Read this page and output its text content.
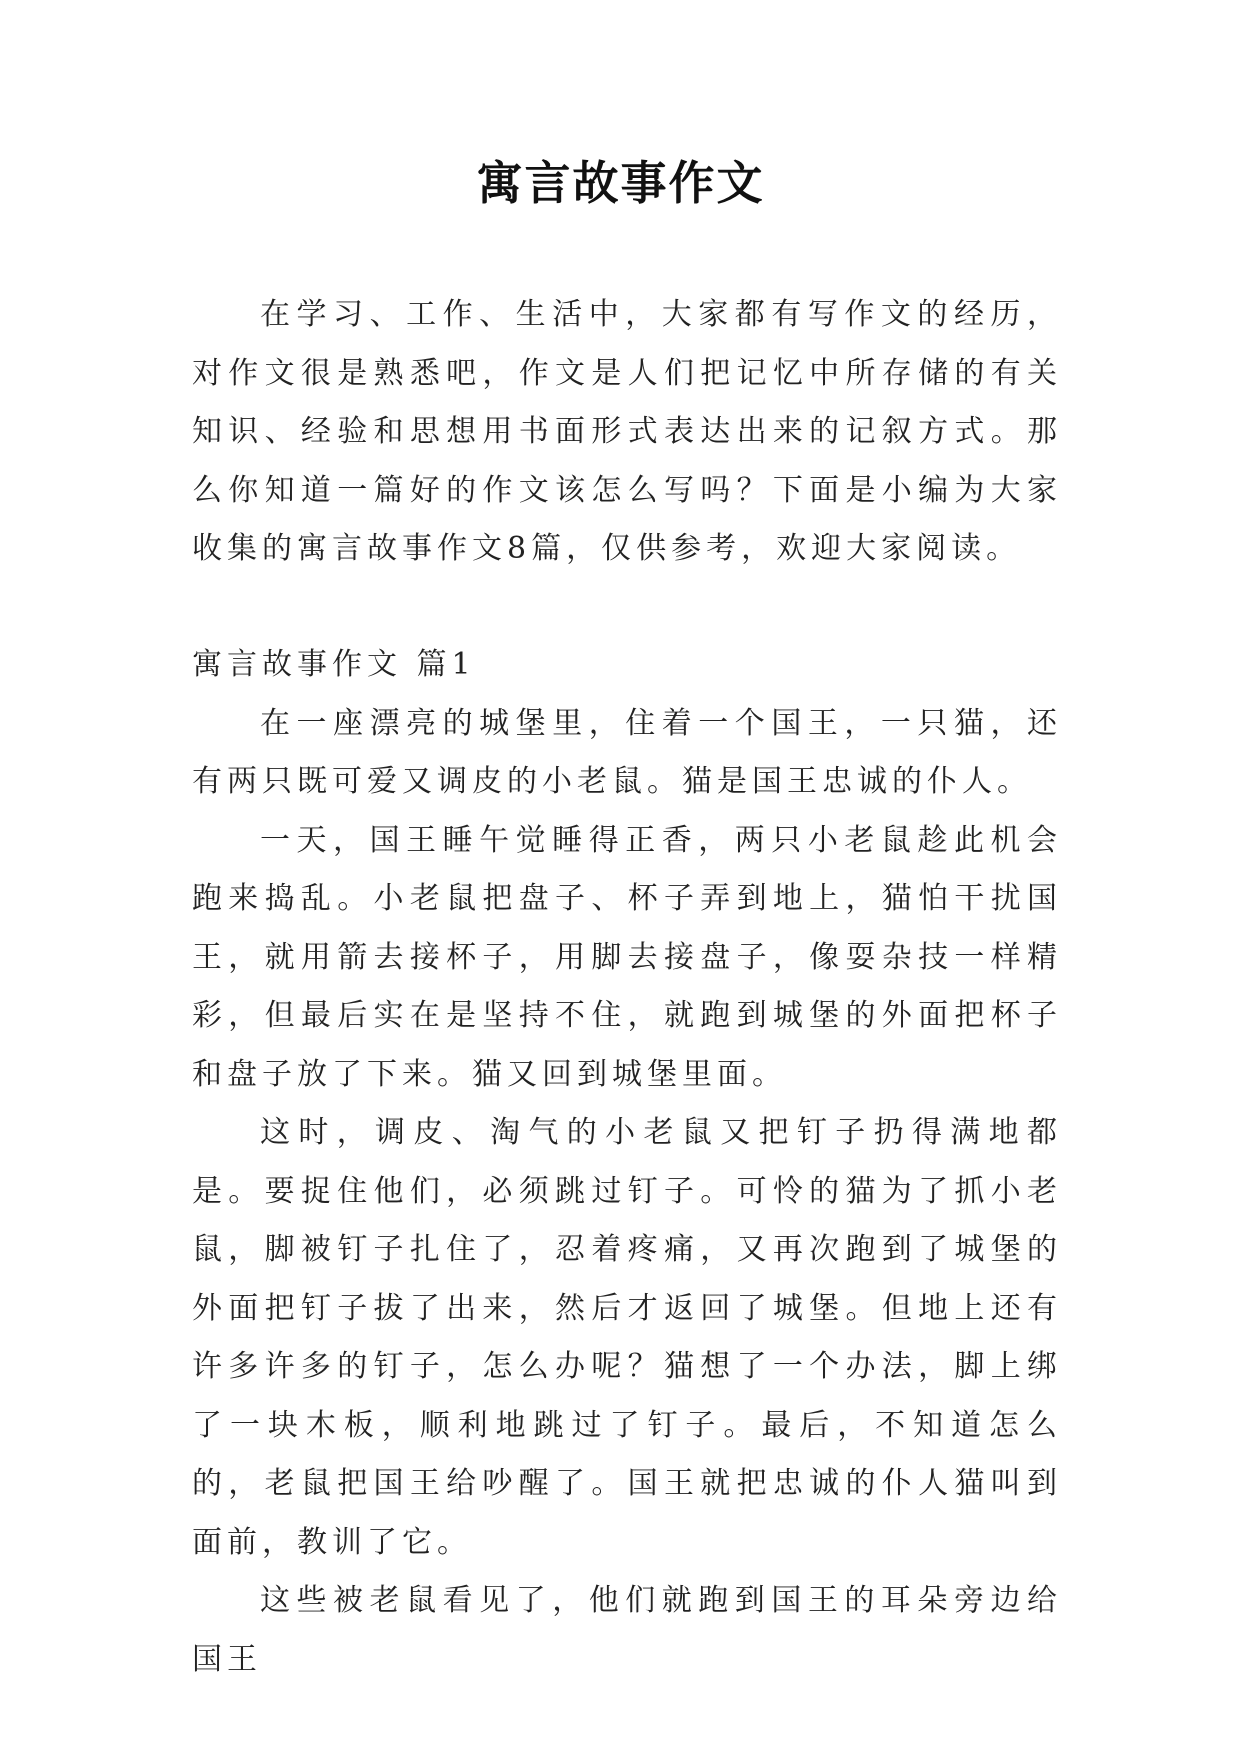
寓言故事作文

在学习、工作、生活中，大家都有写作文的经历，对作文很是熟悉吧，作文是人们把记忆中所存储的有关知识、经验和思想用书面形式表达出来的记叙方式。那么你知道一篇好的作文该怎么写吗？下面是小编为大家收集的寓言故事作文8篇，仅供参考，欢迎大家阅读。

寓言故事作文 篇1

在一座漂亮的城堡里，住着一个国王，一只猫，还有两只既可爱又调皮的小老鼠。猫是国王忠诚的仆人。

一天，国王睡午觉睡得正香，两只小老鼠趁此机会跑来捣乱。小老鼠把盘子、杯子弄到地上，猫怕干扰国王，就用箭去接杯子，用脚去接盘子，像耍杂技一样精彩，但最后实在是坚持不住，就跑到城堡的外面把杯子和盘子放了下来。猫又回到城堡里面。

这时，调皮、淘气的小老鼠又把钉子扔得满地都是。要捉住他们，必须跳过钉子。可怜的猫为了抓小老鼠，脚被钉子扎住了，忍着疼痛，又再次跑到了城堡的外面把钉子拔了出来，然后才返回了城堡。但地上还有许多许多的钉子，怎么办呢？猫想了一个办法，脚上绑了一块木板，顺利地跳过了钉子。最后，不知道怎么的，老鼠把国王给吵醒了。国王就把忠诚的仆人猫叫到面前，教训了它。

这些被老鼠看见了，他们就跑到国王的耳朵旁边给国王
